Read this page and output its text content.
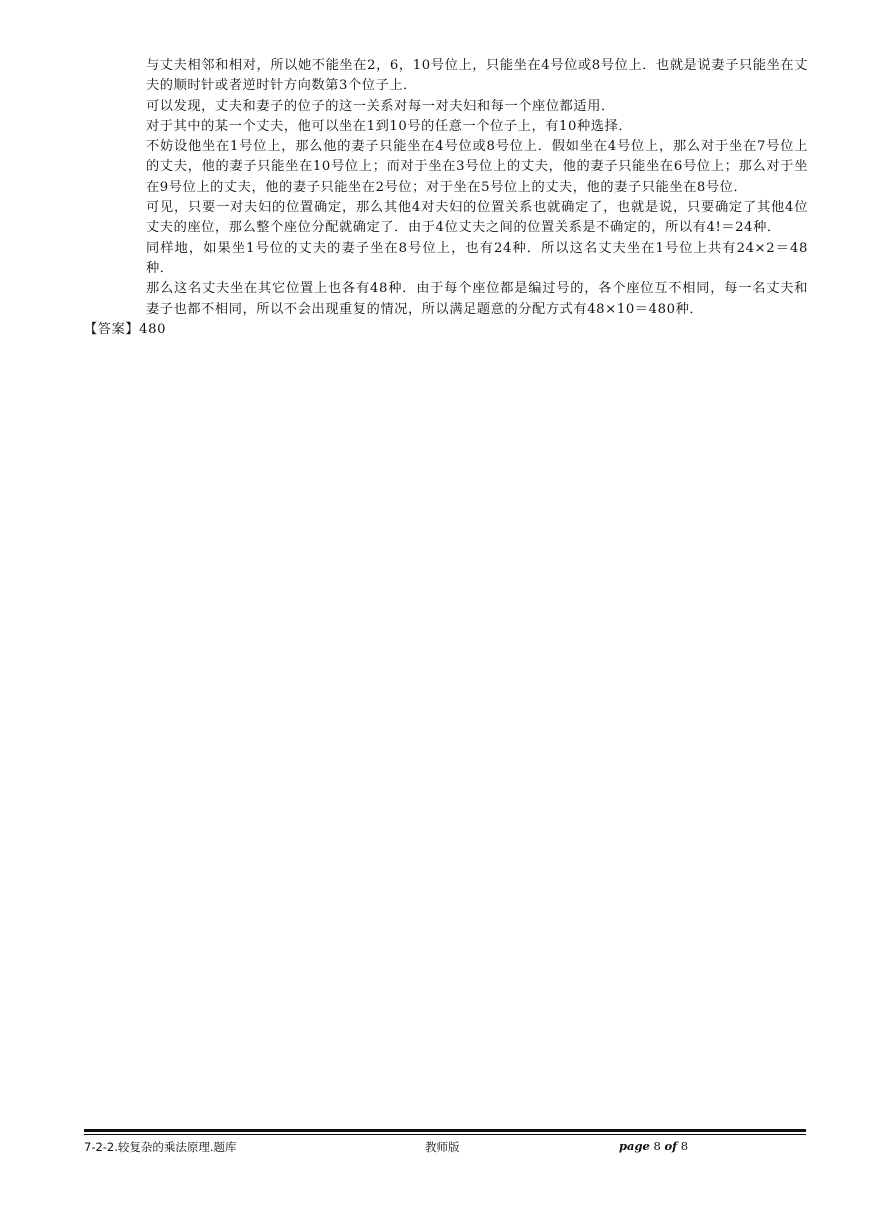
与丈夫相邻和相对，所以她不能坐在2，6，10号位上，只能坐在4号位或8号位上．也就是说妻子只能坐在丈夫的顺时针或者逆时针方向数第3个位子上．

可以发现，丈夫和妻子的位子的这一关系对每一对夫妇和每一个座位都适用．

对于其中的某一个丈夫，他可以坐在1到10号的任意一个位子上，有10种选择．

不妨设他坐在1号位上，那么他的妻子只能坐在4号位或8号位上．假如坐在4号位上，那么对于坐在7号位上的丈夫，他的妻子只能坐在10号位上；而对于坐在3号位上的丈夫，他的妻子只能坐在6号位上；那么对于坐在9号位上的丈夫，他的妻子只能坐在2号位；对于坐在5号位上的丈夫，他的妻子只能坐在8号位．

可见，只要一对夫妇的位置确定，那么其他4对夫妇的位置关系也就确定了，也就是说，只要确定了其他4位丈夫的座位，那么整个座位分配就确定了．由于4位丈夫之间的位置关系是不确定的，所以有4!＝24种．

同样地，如果坐1号位的丈夫的妻子坐在8号位上，也有24种．所以这名丈夫坐在1号位上共有24×2＝48种．

那么这名丈夫坐在其它位置上也各有48种．由于每个座位都是编过号的，各个座位互不相同，每一名丈夫和妻子也都不相同，所以不会出现重复的情况，所以满足题意的分配方式有48×10＝480种．

【答案】480

7-2-2.较复杂的乘法原理.题库	教师版	page 8 of 8
